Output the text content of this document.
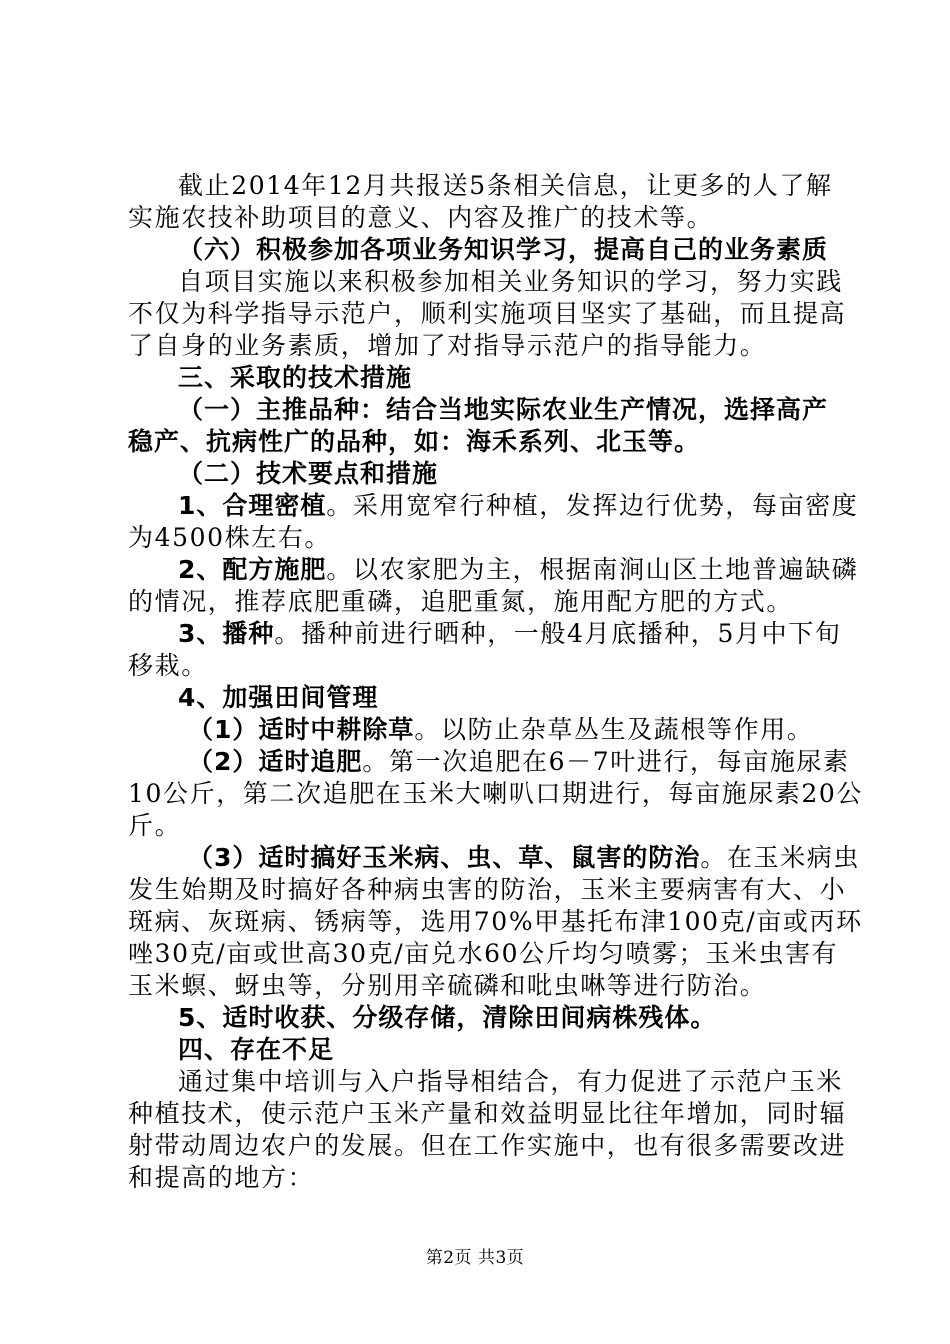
截止2014年12月共报送5条相关信息，让更多的人了解
实施农技补助项目的意义、内容及推广的技术等。
（六）积极参加各项业务知识学习，提高自己的业务素质
自项目实施以来积极参加相关业务知识的学习，努力实践
不仅为科学指导示范户，顺利实施项目坚实了基础，而且提高
了自身的业务素质，增加了对指导示范户的指导能力。
三、采取的技术措施
（一）主推品种：结合当地实际农业生产情况，选择高产
稳产、抗病性广的品种，如：海禾系列、北玉等。
（二）技术要点和措施
1、合理密植。采用宽窄行种植，发挥边行优势，每亩密度
为4500株左右。
2、配方施肥。以农家肥为主，根据南涧山区土地普遍缺磷
的情况，推荐底肥重磷，追肥重氮，施用配方肥的方式。
3、播种。播种前进行晒种，一般4月底播种，5月中下旬
移栽。
4、加强田间管理
（1）适时中耕除草。以防止杂草丛生及蔬根等作用。
（2）适时追肥。第一次追肥在6－7叶进行，每亩施尿素
10公斤，第二次追肥在玉米大喇叭口期进行，每亩施尿素20公
斤。
（3）适时搞好玉米病、虫、草、鼠害的防治。在玉米病虫
发生始期及时搞好各种病虫害的防治，玉米主要病害有大、小
斑病、灰斑病、锈病等，选用70%甲基托布津100克/亩或丙环
唑30克/亩或世高30克/亩兑水60公斤均匀喷雾；玉米虫害有
玉米螟、蚜虫等，分别用辛硫磷和吡虫啉等进行防治。
5、适时收获、分级存储，清除田间病株残体。
四、存在不足
通过集中培训与入户指导相结合，有力促进了示范户玉米
种植技术，使示范户玉米产量和效益明显比往年增加，同时辐
射带动周边农户的发展。但在工作实施中，也有很多需要改进
和提高的地方：
第2页 共3页
